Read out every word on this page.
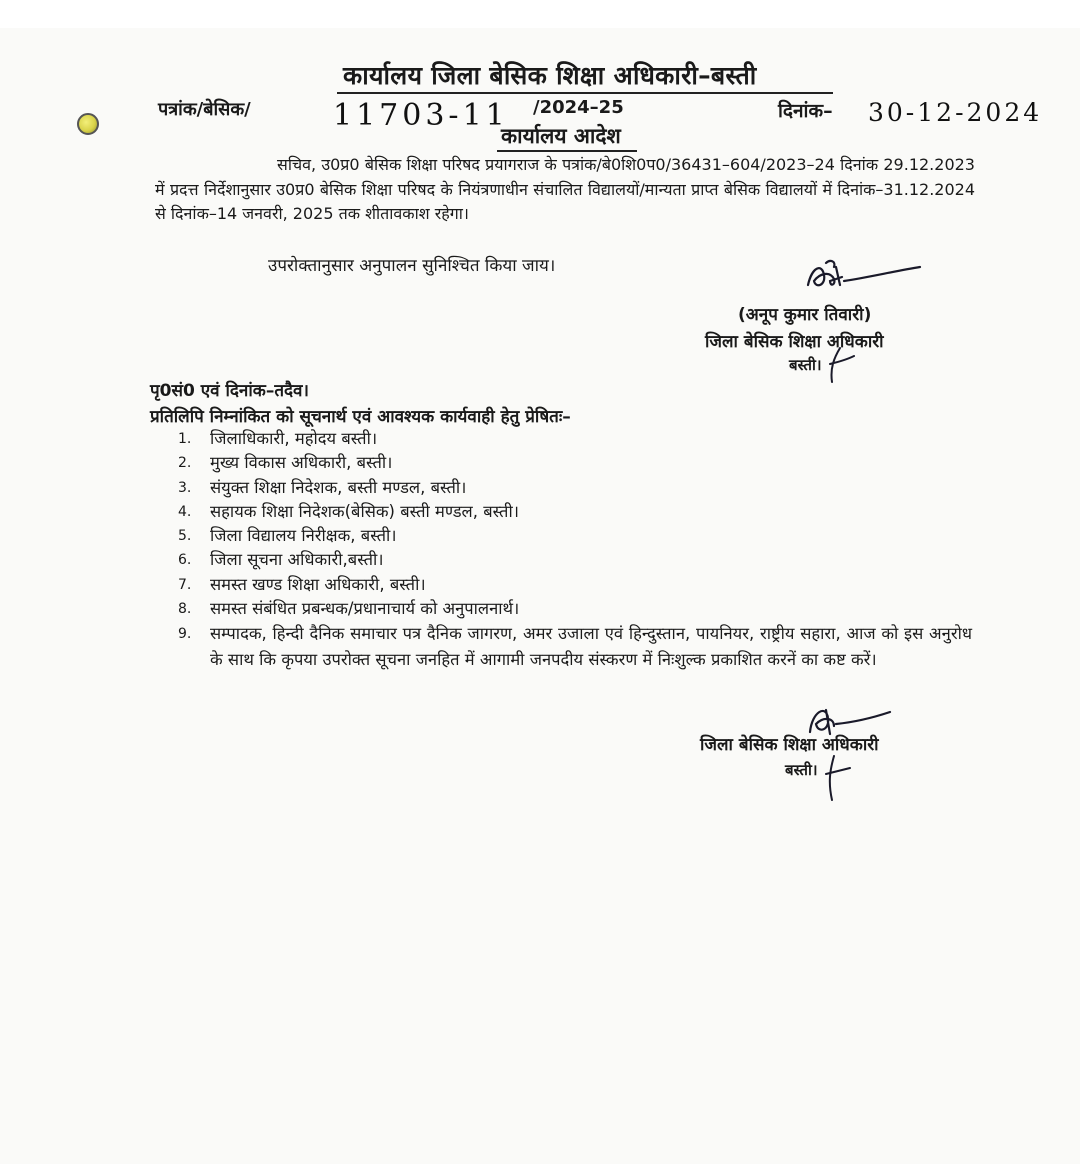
कार्यालय जिला बेसिक शिक्षा अधिकारी–बस्ती
पत्रांक/बेसिक/	11703-11 /2024–25	दिनांक– 30-12-2024
कार्यालय आदेश

सचिव, उ0प्र0 बेसिक शिक्षा परिषद प्रयागराज के पत्रांक/बे0शि0प0/36431–604/2023–24 दिनांक 29.12.2023 में प्रदत्त निर्देशानुसार उ0प्र0 बेसिक शिक्षा परिषद के नियंत्रणाधीन संचालित विद्यालयों/मान्यता प्राप्त बेसिक विद्यालयों में दिनांक–31.12.2024 से दिनांक–14 जनवरी, 2025 तक शीतावकाश रहेगा।

उपरोक्तानुसार अनुपालन सुनिश्चित किया जाय।
(अनूप कुमार तिवारी)
जिला बेसिक शिक्षा अधिकारी
बस्ती।
पृ0सं0 एवं दिनांक–तदैव।
प्रतिलिपि निम्नांकित को सूचनार्थ एवं आवश्यक कार्यवाही हेतु प्रेषितः–
1.	जिलाधिकारी, महोदय बस्ती।
2.	मुख्य विकास अधिकारी, बस्ती।
3.	संयुक्त शिक्षा निदेशक, बस्ती मण्डल, बस्ती।
4.	सहायक शिक्षा निदेशक(बेसिक) बस्ती मण्डल, बस्ती।
5.	जिला विद्यालय निरीक्षक, बस्ती।
6.	जिला सूचना अधिकारी,बस्ती।
7.	समस्त खण्ड शिक्षा अधिकारी, बस्ती।
8.	समस्त संबंधित प्रबन्धक/प्रधानाचार्य को अनुपालनार्थ।
9.	सम्पादक, हिन्दी दैनिक समाचार पत्र दैनिक जागरण, अमर उजाला एवं हिन्दुस्तान, पायनियर, राष्ट्रीय सहारा, आज को इस अनुरोध के साथ कि कृपया उपरोक्त सूचना जनहित में आगामी जनपदीय संस्करण में निःशुल्क प्रकाशित करनें का कष्ट करें।
जिला बेसिक शिक्षा अधिकारी
बस्ती।
